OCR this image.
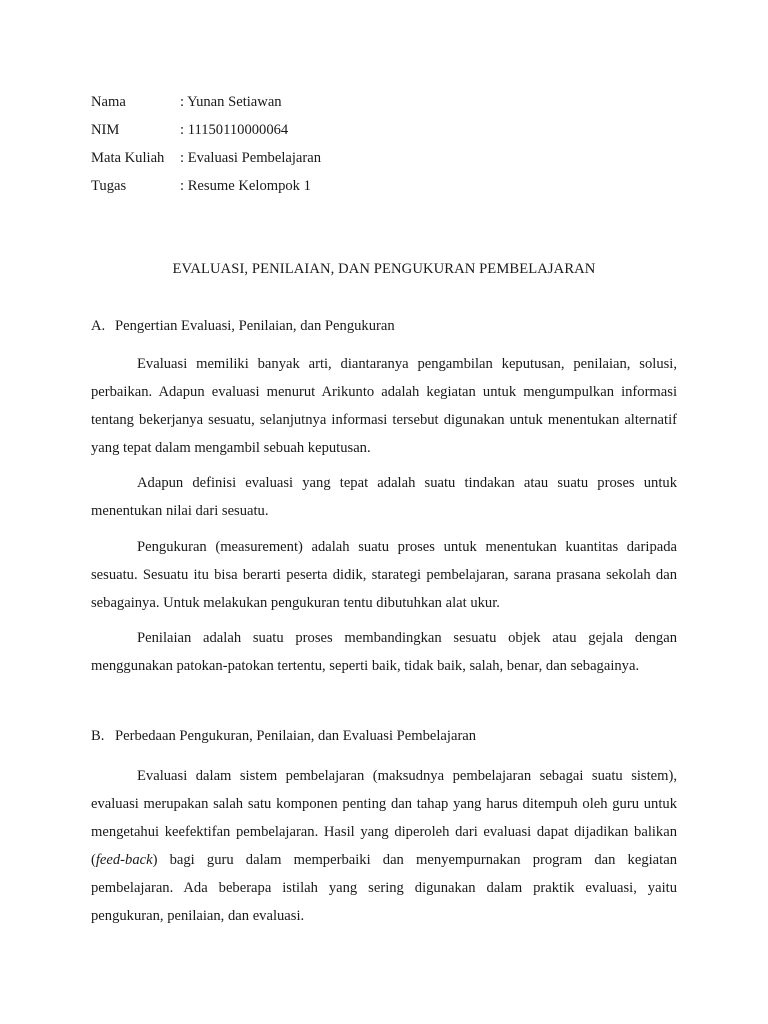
Nama	: Yunan Setiawan
NIM	: 11150110000064
Mata Kuliah	: Evaluasi Pembelajaran
Tugas	: Resume Kelompok 1
EVALUASI, PENILAIAN, DAN PENGUKURAN PEMBELAJARAN
A. Pengertian Evaluasi, Penilaian, dan Pengukuran

Evaluasi memiliki banyak arti, diantaranya pengambilan keputusan, penilaian, solusi, perbaikan. Adapun evaluasi menurut Arikunto adalah kegiatan untuk mengumpulkan informasi tentang bekerjanya sesuatu, selanjutnya informasi tersebut digunakan untuk menentukan alternatif yang tepat dalam mengambil sebuah keputusan.

Adapun definisi evaluasi yang tepat adalah suatu tindakan atau suatu proses untuk menentukan nilai dari sesuatu.

Pengukuran (measurement) adalah suatu proses untuk menentukan kuantitas daripada sesuatu. Sesuatu itu bisa berarti peserta didik, starategi pembelajaran, sarana prasana sekolah dan sebagainya. Untuk melakukan pengukuran tentu dibutuhkan alat ukur.

Penilaian adalah suatu proses membandingkan sesuatu objek atau gejala dengan menggunakan patokan-patokan tertentu, seperti baik, tidak baik, salah, benar, dan sebagainya.

B. Perbedaan Pengukuran, Penilaian, dan Evaluasi Pembelajaran

Evaluasi dalam sistem pembelajaran (maksudnya pembelajaran sebagai suatu sistem), evaluasi merupakan salah satu komponen penting dan tahap yang harus ditempuh oleh guru untuk mengetahui keefektifan pembelajaran. Hasil yang diperoleh dari evaluasi dapat dijadikan balikan (feed-back) bagi guru dalam memperbaiki dan menyempurnakan program dan kegiatan pembelajaran. Ada beberapa istilah yang sering digunakan dalam praktik evaluasi, yaitu pengukuran, penilaian, dan evaluasi.
